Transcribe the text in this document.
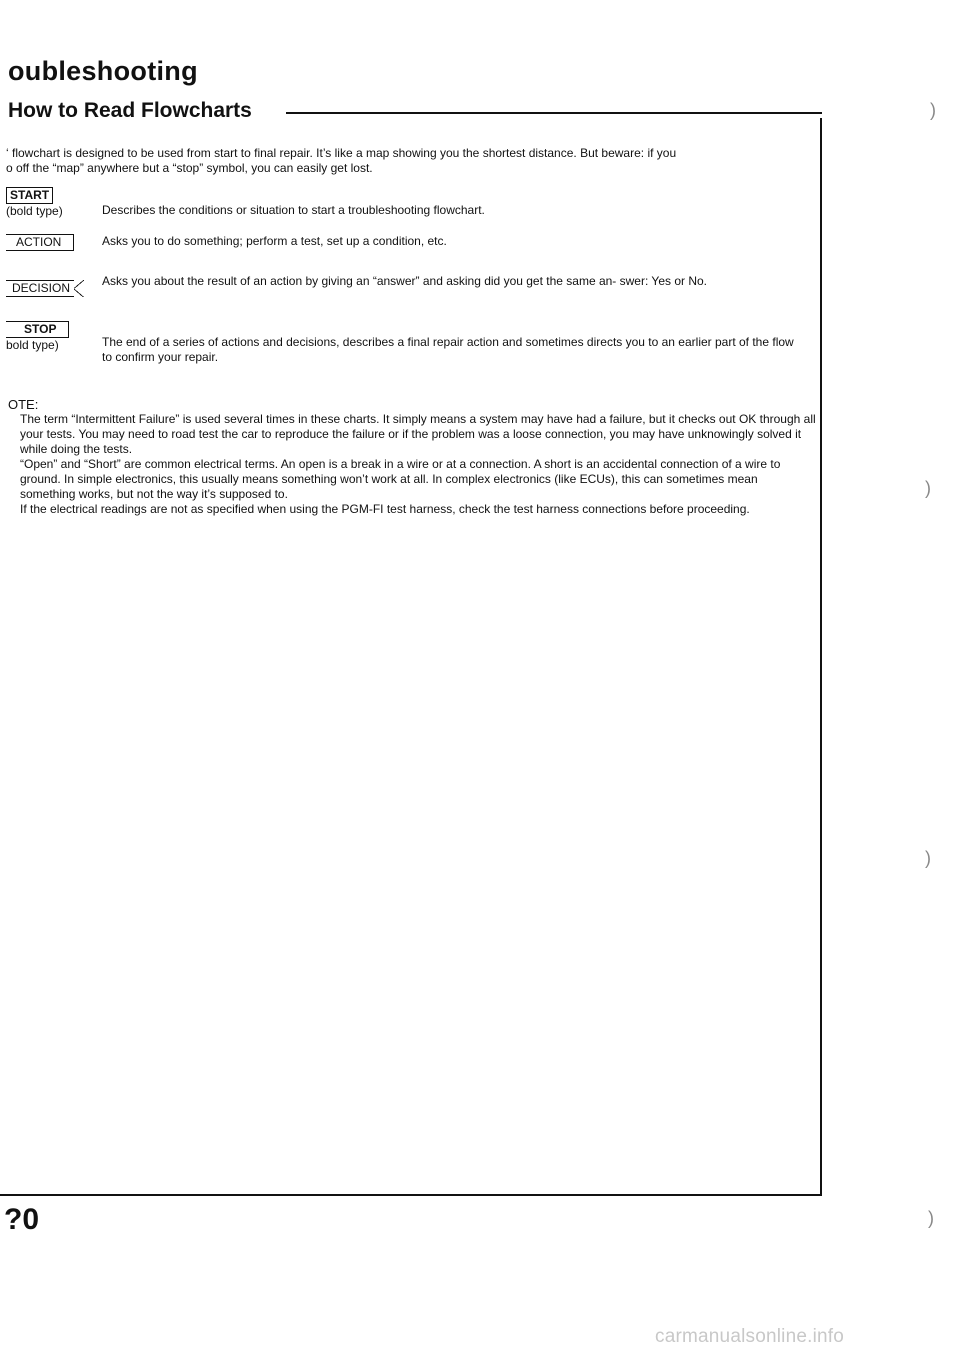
oubleshooting
How to Read Flowcharts
‘ flowchart is designed to be used from start to final repair. It’s like a map showing you the shortest distance. But beware: if you
o off the “map” anywhere but a “stop” symbol, you can easily get lost.
START
(bold type)	Describes the conditions or situation to start a troubleshooting flowchart.
ACTION	Asks you to do something; perform a test, set up a condition, etc.
DECISION	Asks you about the result of an action by giving an “answer” and asking did you get the same an- swer: Yes or No.
STOP
bold type)	The end of a series of actions and decisions, describes a final repair action and sometimes directs you to an earlier part of the flow to confirm your repair.
OTE:

The term “Intermittent Failure” is used several times in these charts. It simply means a system may have had a failure, but it checks out OK through all your tests. You may need to road test the car to reproduce the failure or if the problem was a loose connection, you may have unknowingly solved it while doing the tests.

“Open” and “Short” are common electrical terms. An open is a break in a wire or at a connection. A short is an accidental connection of a wire to ground. In simple electronics, this usually means something won’t work at all. In complex electronics (like ECUs), this can sometimes mean something works, but not the way it’s supposed to.

If the electrical readings are not as specified when using the PGM-FI test harness, check the test harness connections before proceeding.

?0
carmanualsonline.info
)
)
)
)
